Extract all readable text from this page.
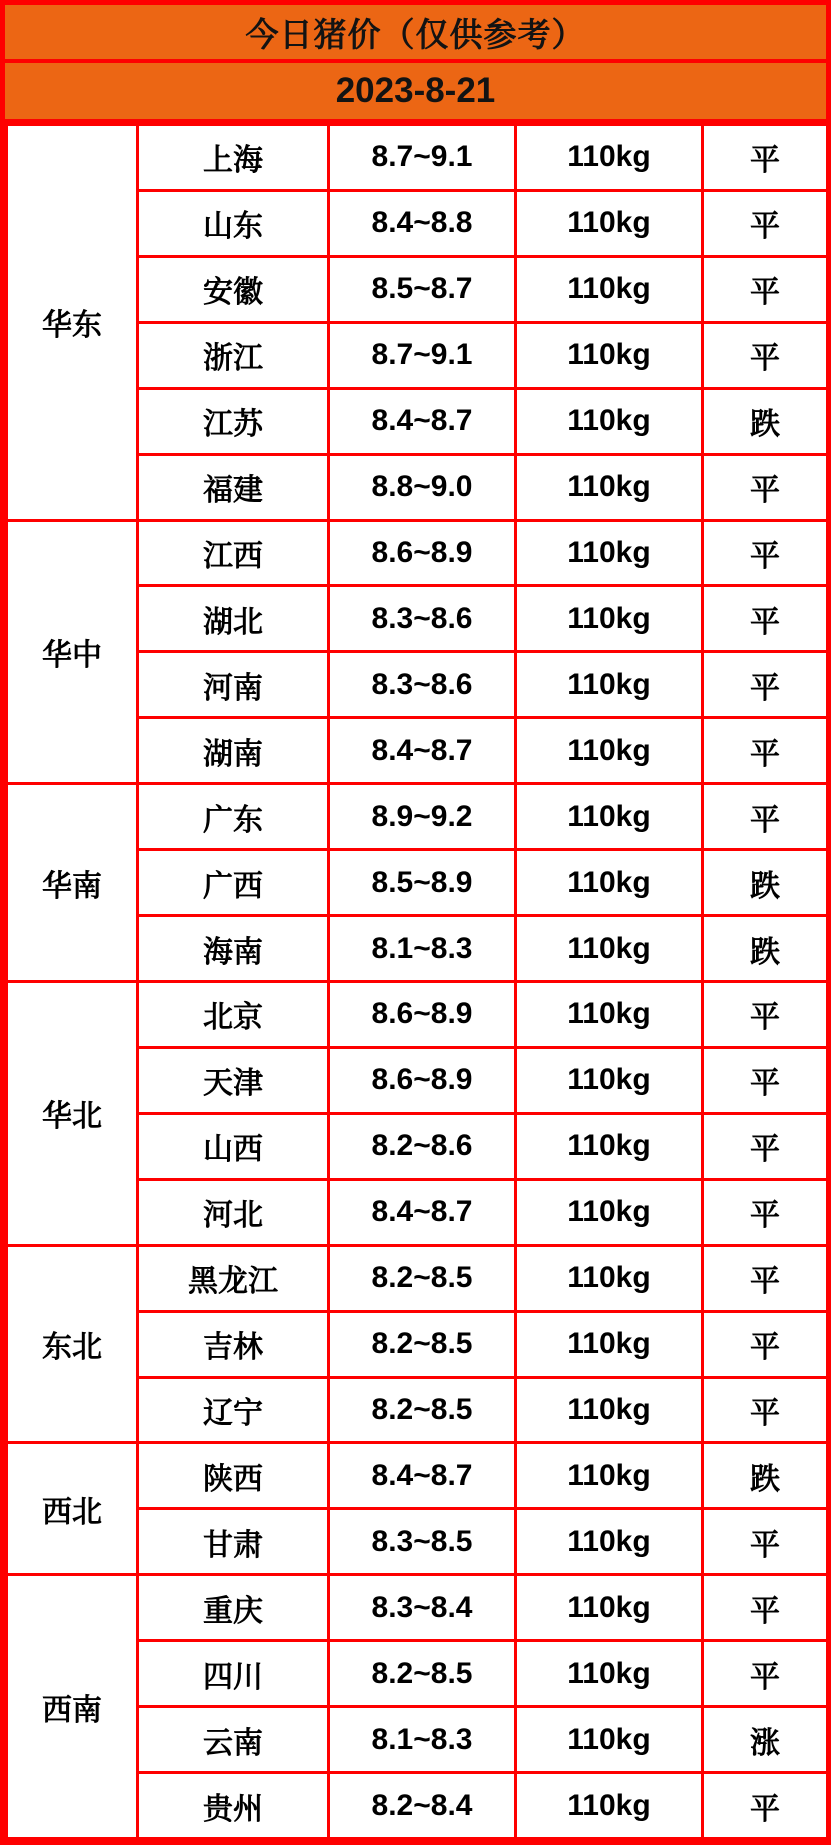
今日猪价（仅供参考）
2023-8-21
华东	上海	8.7~9.1	110kg	平
	山东	8.4~8.8	110kg	平
	安徽	8.5~8.7	110kg	平
	浙江	8.7~9.1	110kg	平
	江苏	8.4~8.7	110kg	跌
	福建	8.8~9.0	110kg	平
华中	江西	8.6~8.9	110kg	平
	湖北	8.3~8.6	110kg	平
	河南	8.3~8.6	110kg	平
	湖南	8.4~8.7	110kg	平
华南	广东	8.9~9.2	110kg	平
	广西	8.5~8.9	110kg	跌
	海南	8.1~8.3	110kg	跌
华北	北京	8.6~8.9	110kg	平
	天津	8.6~8.9	110kg	平
	山西	8.2~8.6	110kg	平
	河北	8.4~8.7	110kg	平
东北	黑龙江	8.2~8.5	110kg	平
	吉林	8.2~8.5	110kg	平
	辽宁	8.2~8.5	110kg	平
西北	陕西	8.4~8.7	110kg	跌
	甘肃	8.3~8.5	110kg	平
西南	重庆	8.3~8.4	110kg	平
	四川	8.2~8.5	110kg	平
	云南	8.1~8.3	110kg	涨
	贵州	8.2~8.4	110kg	平
